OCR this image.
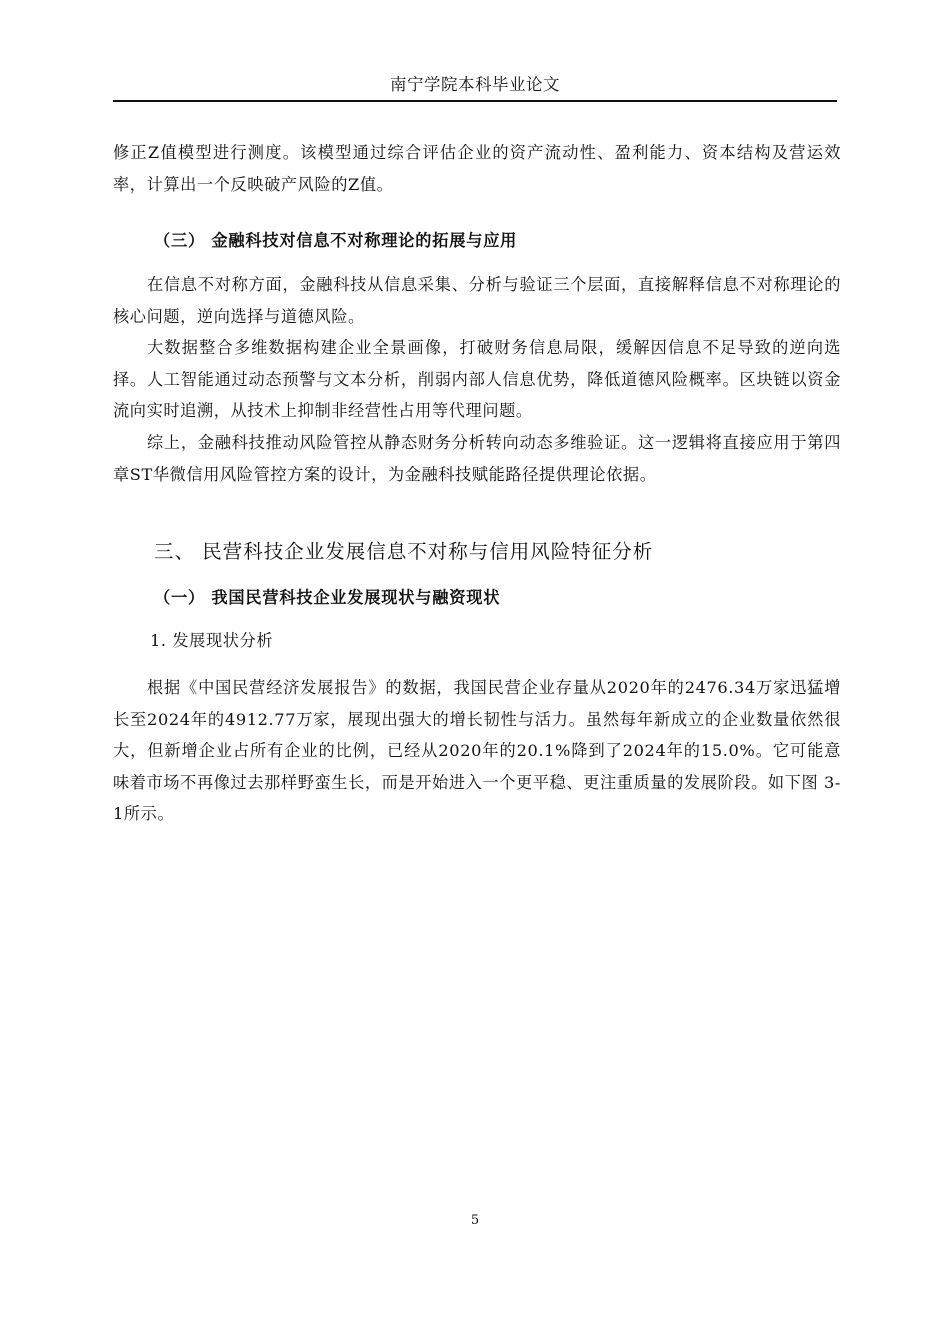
南宁学院本科毕业论文

修正Z值模型进行测度。该模型通过综合评估企业的资产流动性、盈利能力、资本结构及营运效率，计算出一个反映破产风险的Z值。

（三） 金融科技对信息不对称理论的拓展与应用

在信息不对称方面，金融科技从信息采集、分析与验证三个层面，直接解释信息不对称理论的核心问题，逆向选择与道德风险。

大数据整合多维数据构建企业全景画像，打破财务信息局限，缓解因信息不足导致的逆向选择。人工智能通过动态预警与文本分析，削弱内部人信息优势，降低道德风险概率。区块链以资金流向实时追溯，从技术上抑制非经营性占用等代理问题。

综上，金融科技推动风险管控从静态财务分析转向动态多维验证。这一逻辑将直接应用于第四章ST华微信用风险管控方案的设计，为金融科技赋能路径提供理论依据。

三、 民营科技企业发展信息不对称与信用风险特征分析

（一） 我国民营科技企业发展现状与融资现状

1. 发展现状分析

根据《中国民营经济发展报告》的数据，我国民营企业存量从2020年的2476.34万家迅猛增长至2024年的4912.77万家，展现出强大的增长韧性与活力。虽然每年新成立的企业数量依然很大，但新增企业占所有企业的比例，已经从2020年的20.1%降到了2024年的15.0%。它可能意味着市场不再像过去那样野蛮生长，而是开始进入一个更平稳、更注重质量的发展阶段。如下图 3- 1所示。

5
